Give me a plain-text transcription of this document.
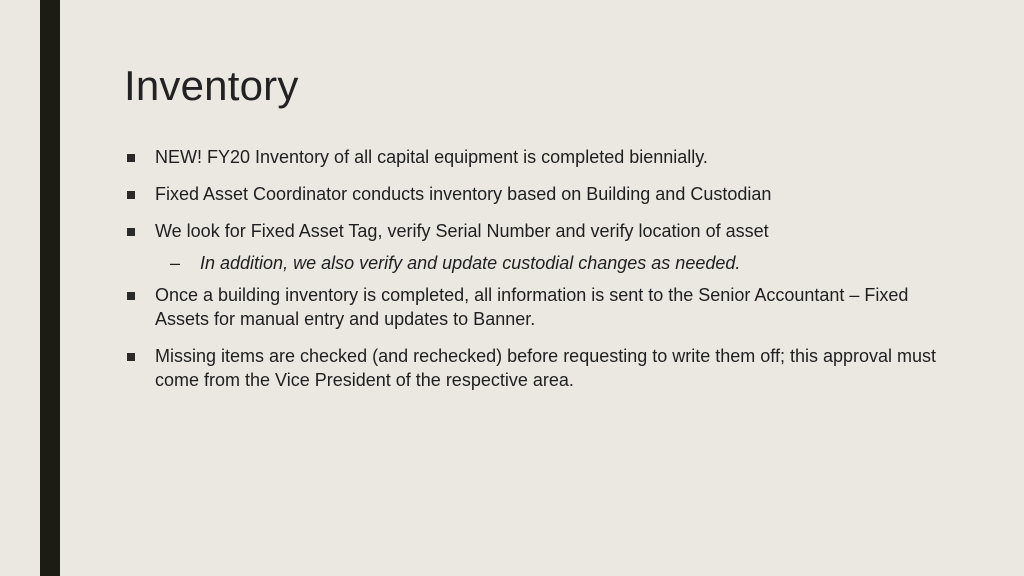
Inventory
NEW! FY20 Inventory of all capital equipment is completed biennially.
Fixed Asset Coordinator conducts inventory based on Building and Custodian
We look for Fixed Asset Tag, verify Serial Number and verify location of asset
– In addition, we also verify and update custodial changes as needed.
Once a building inventory is completed, all information is sent to the Senior Accountant – Fixed Assets for manual entry and updates to Banner.
Missing items are checked (and rechecked) before requesting to write them off; this approval must come from the Vice President of the respective area.
